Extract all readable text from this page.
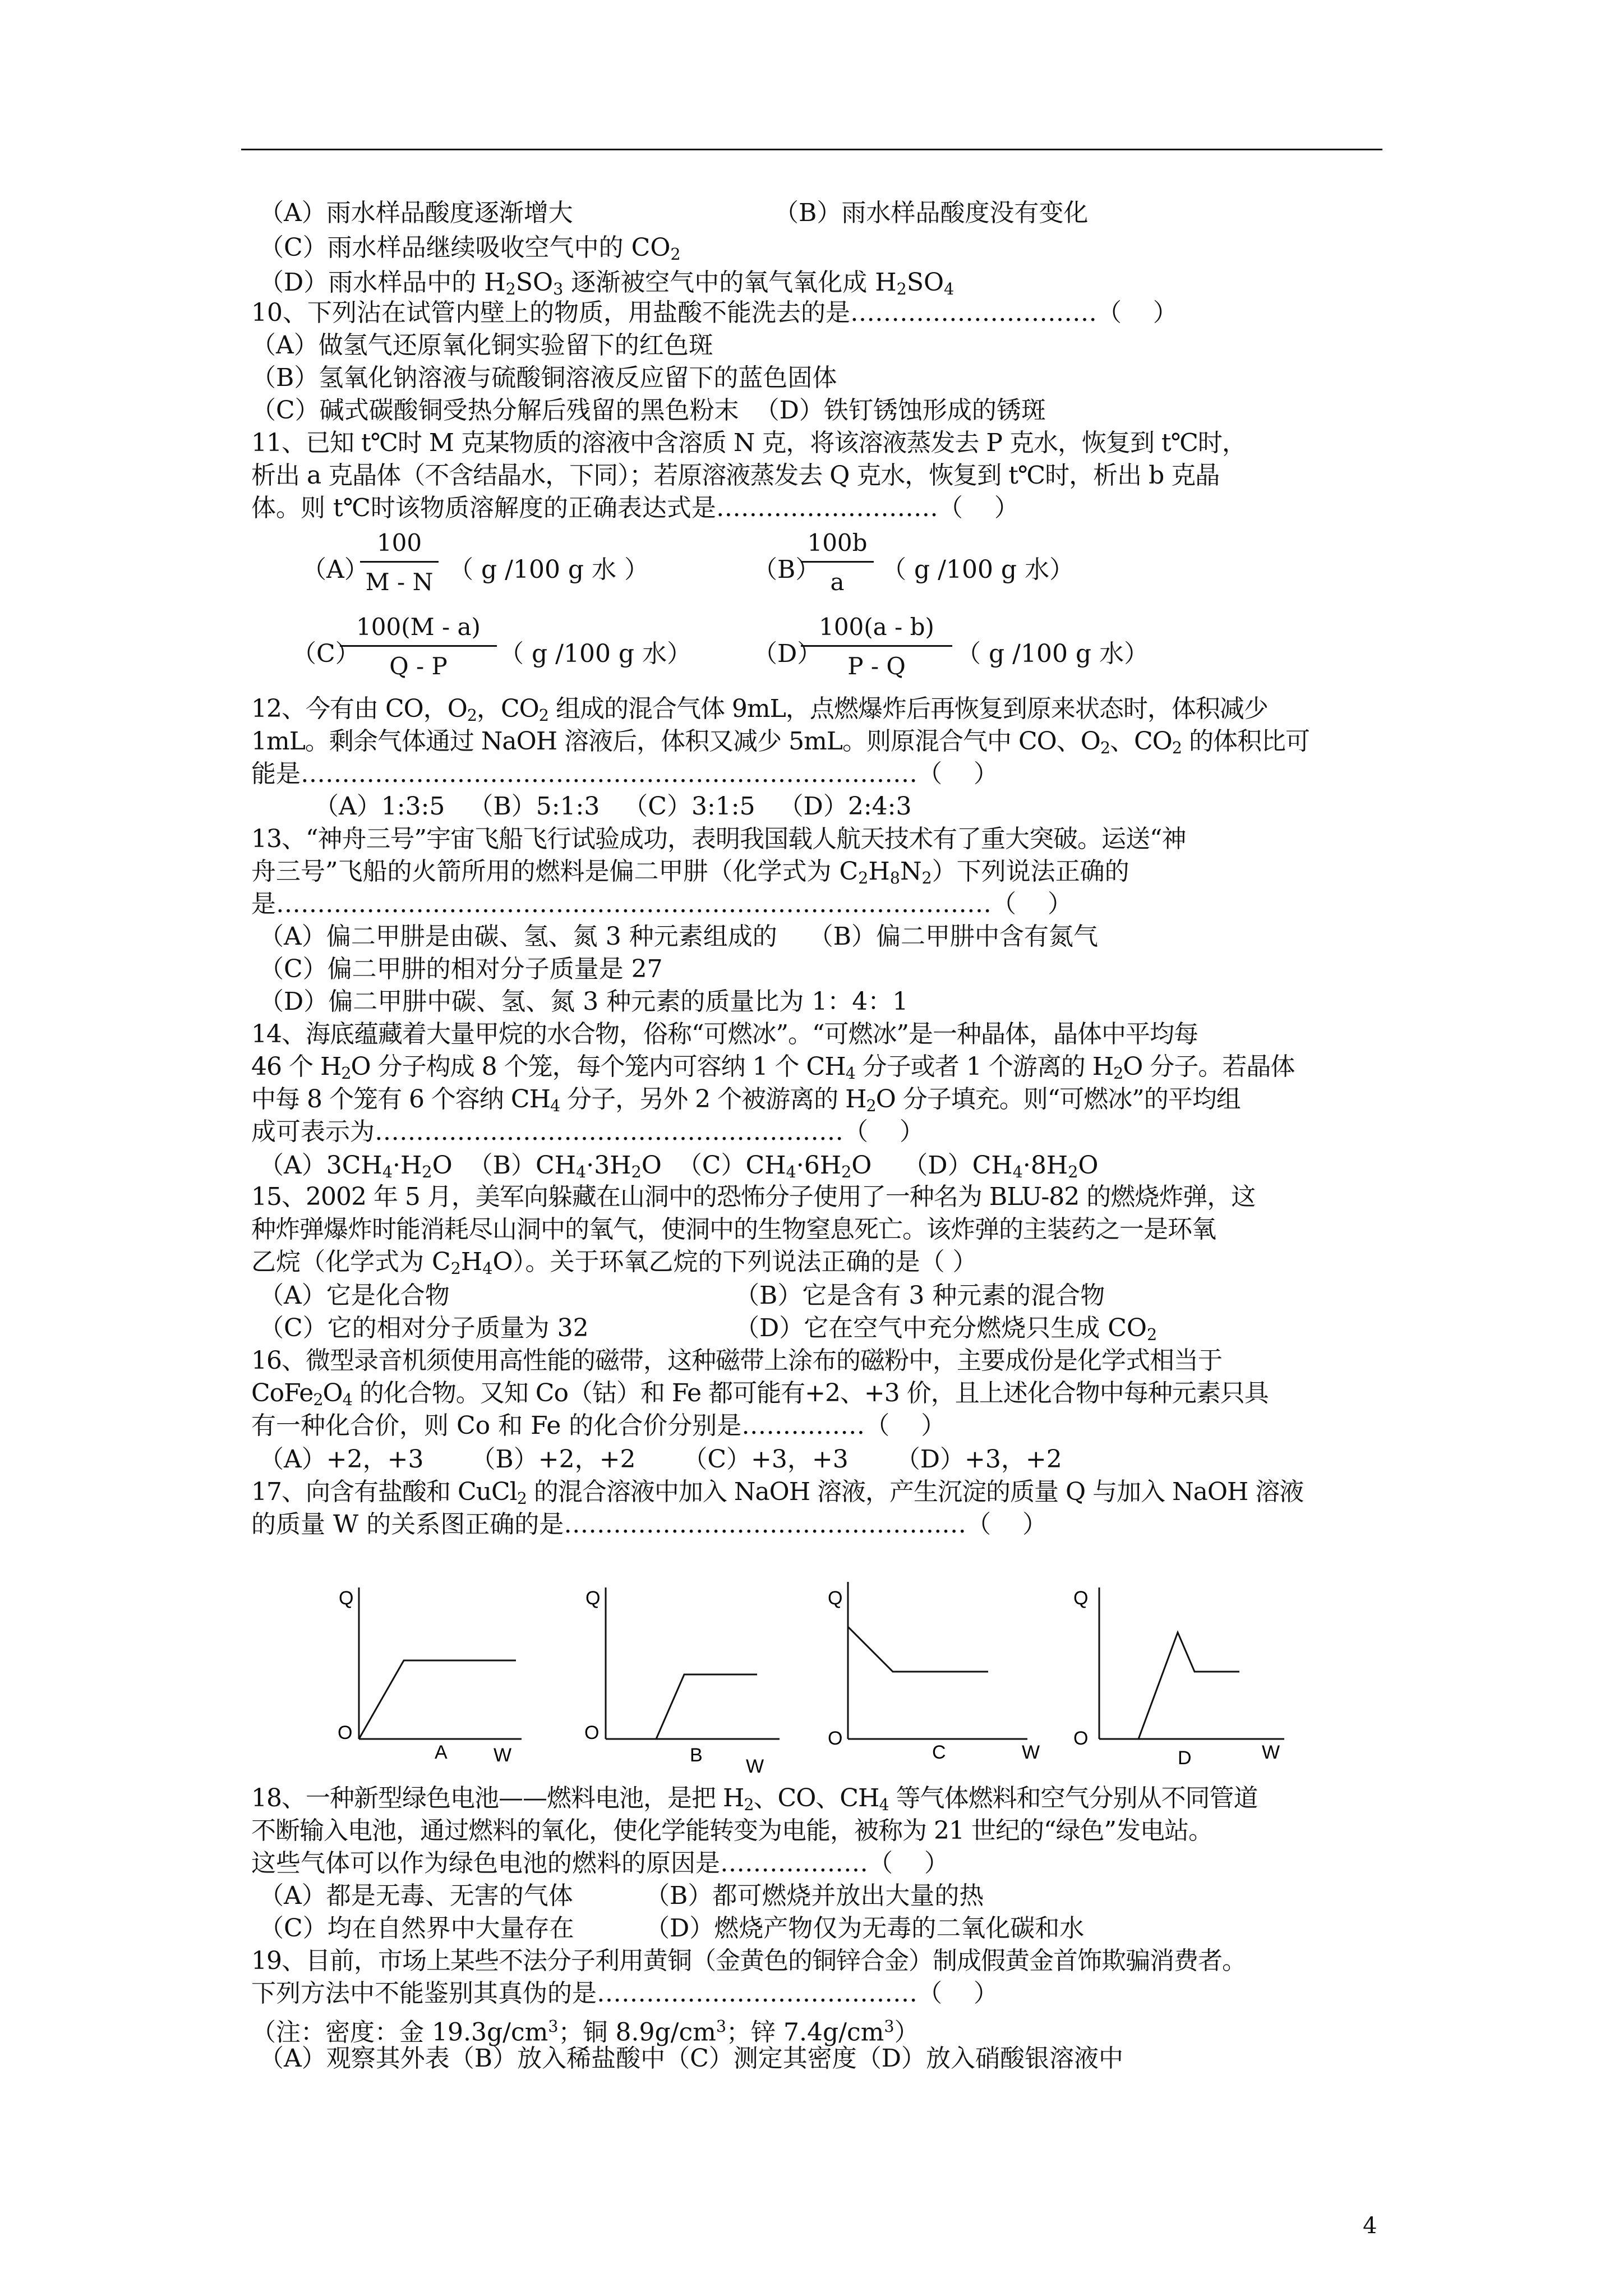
（A）雨水样品酸度逐渐增大	（B）雨水样品酸度没有变化
（C）雨水样品继续吸收空气中的 $CO_2$
（D）雨水样品中的 $H_2SO_3$ 逐渐被空气中的氧气氧化成 $H_2SO_4$
10、下列沾在试管内壁上的物质，用盐酸不能洗去的是…………………………（    ）
（A）做氢气还原氧化铜实验留下的红色斑
（B）氢氧化钠溶液与硫酸铜溶液反应留下的蓝色固体
（C）碱式碳酸铜受热分解后残留的黑色粉末  （D）铁钉锈蚀形成的锈斑
11、已知 t℃时 M 克某物质的溶液中含溶质 N 克，将该溶液蒸发去 P 克水，恢复到 t℃时，
析出 a 克晶体（不含结晶水，下同）；若原溶液蒸发去 Q 克水，恢复到 t℃时，析出 b 克晶
体。则 t℃时该物质溶解度的正确表达式是………………………（    ）
（A）
100
M - N （ g /100 g 水 ）	（B）
100b
a	（ g /100 g 水）
（C）
100(M - a)
Q - P	（ g /100 g 水） （D）
100(a - b)
P - Q	（ g /100 g 水）
12、今有由 CO，$O_2$，$CO_2$ 组成的混合气体 9mL，点燃爆炸后再恢复到原来状态时，体积减少
1mL。剩余气体通过 NaOH 溶液后，体积又减少 5mL。则原混合气中 CO、$O_2$、$CO_2$ 的体积比可
能是…………………………………………………………………（    ）
（A）1:3:5   （B）5:1:3   （C）3:1:5   （D）2:4:3
13、“神舟三号”宇宙飞船飞行试验成功，表明我国载人航天技术有了重大突破。运送“神
舟三号”飞船的火箭所用的燃料是偏二甲肼（化学式为 $C_2H_8N_2$）下列说法正确的
是……………………………………………………………………………（    ）
（A）偏二甲肼是由碳、氢、氮 3 种元素组成的    （B）偏二甲肼中含有氮气
（C）偏二甲肼的相对分子质量是 27
（D）偏二甲肼中碳、氢、氮 3 种元素的质量比为 1：4：1
14、海底蕴藏着大量甲烷的水合物，俗称“可燃冰”。“可燃冰”是一种晶体，晶体中平均每
46 个 $H_2O$ 分子构成 8 个笼，每个笼内可容纳 1 个 $CH_4$ 分子或者 1 个游离的 $H_2O$ 分子。若晶体
中每 8 个笼有 6 个容纳 $CH_4$ 分子，另外 2 个被游离的 $H_2O$ 分子填充。则“可燃冰”的平均组
成可表示为…………………………………………………（    ）
$(A)3CH_4\cdot H_2O$  $(B)CH_4\cdot 3H_2O$  $(C)CH_4\cdot 6H_2O$    $(D)CH_4\cdot 8H_2O$
15、2002 年 5 月，美军向躲藏在山洞中的恐怖分子使用了一种名为 BLU-82 的燃烧炸弹，这
种炸弹爆炸时能消耗尽山洞中的氧气，使洞中的生物窒息死亡。该炸弹的主装药之一是环氧
乙烷（化学式为 $C_2H_4O$）。关于环氧乙烷的下列说法正确的是（ ）
（A）它是化合物	（B）它是含有 3 种元素的混合物
（C）它的相对分子质量为 32	（D）它在空气中充分燃烧只生成 $CO_2$
16、微型录音机须使用高性能的磁带，这种磁带上涂布的磁粉中，主要成份是化学式相当于
$CoFe_2O_4$ 的化合物。又知 Co（钴）和 Fe 都可能有+2、+3 价，且上述化合物中每种元素只具
有一种化合价，则 Co 和 Fe 的化合价分别是……………（    ）
（A）+2，+3      （B）+2，+2      （C）+3，+3      （D）+3，+2
17、向含有盐酸和 CuCl$_2$ 的混合溶液中加入 NaOH 溶液，产生沉淀的质量 Q 与加入 NaOH 溶液
的质量 W 的关系图正确的是……………………………………….…（    ）
Q
O
A W
Q
O
B
W
Q
O
C	W
Q
O
D	W
18、一种新型绿色电池——燃料电池，是把 $H_2$、CO、$CH_4$ 等气体燃料和空气分别从不同管道
不断输入电池，通过燃料的氧化，使化学能转变为电能，被称为 21 世纪的“绿色”发电站。
这些气体可以作为绿色电池的燃料的原因是………………（    ）
（A）都是无毒、无害的气体	（B）都可燃烧并放出大量的热
（C）均在自然界中大量存在	（D）燃烧产物仅为无毒的二氧化碳和水
19、目前，市场上某些不法分子利用黄铜（金黄色的铜锌合金）制成假黄金首饰欺骗消费者。
下列方法中不能鉴别其真伪的是…………………………………（    ）
（注：密度：金 $19.3g/cm^3$；铜 $8.9g/cm^3$；锌 $7.4g/cm^3$）
（A）观察其外表（B）放入稀盐酸中（C）测定其密度（D）放入硝酸银溶液中
4
